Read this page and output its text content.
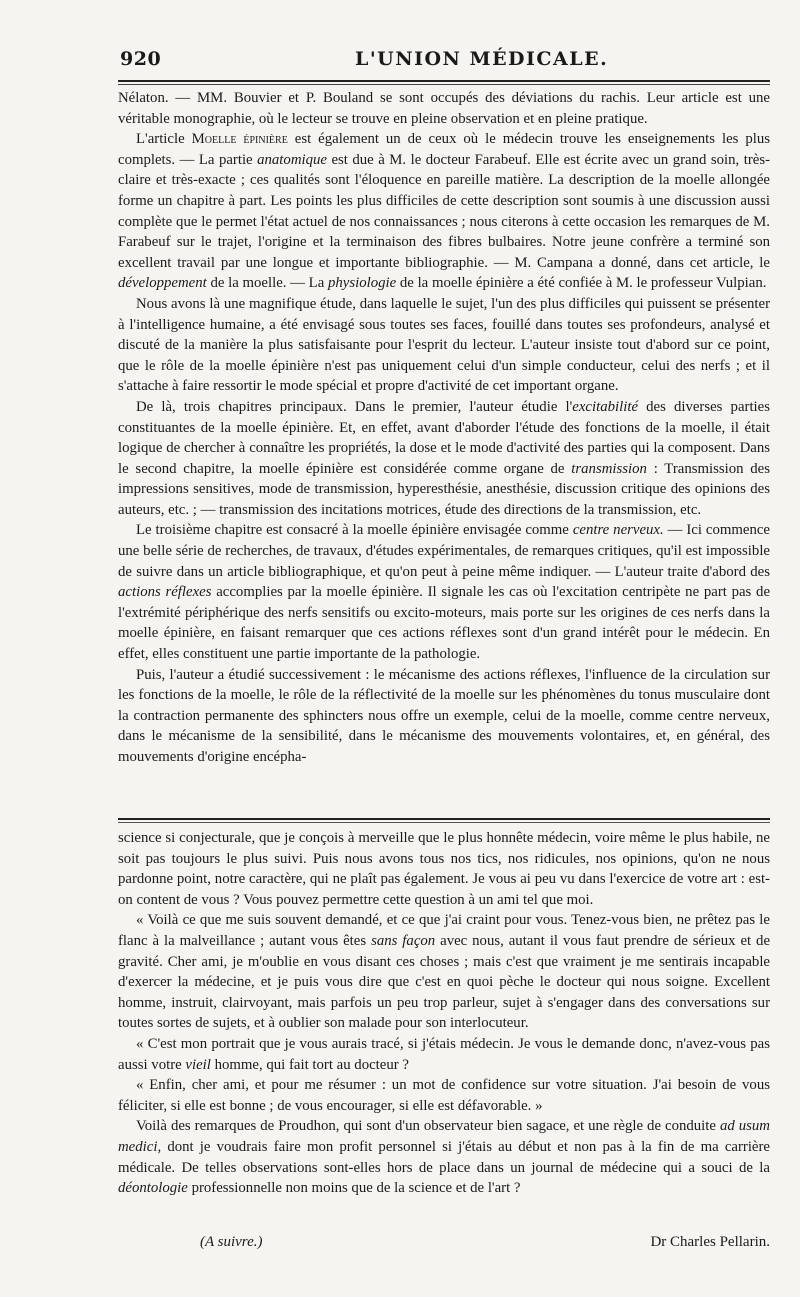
920	L'UNION MÉDICALE.

Nélaton. — MM. Bouvier et P. Bouland se sont occupés des déviations du rachis. Leur article est une véritable monographie, où le lecteur se trouve en pleine observation et en pleine pratique.

L'article Moelle épinière est également un de ceux où le médecin trouve les enseignements les plus complets. — La partie anatomique est due à M. le docteur Farabeuf. Elle est écrite avec un grand soin, très-claire et très-exacte ; ces qualités sont l'éloquence en pareille matière. La description de la moelle allongée forme un chapitre à part. Les points les plus difficiles de cette description sont soumis à une discussion aussi complète que le permet l'état actuel de nos connaissances ; nous citerons à cette occasion les remarques de M. Farabeuf sur le trajet, l'origine et la terminaison des fibres bulbaires. Notre jeune confrère a terminé son excellent travail par une longue et importante bibliographie. — M. Campana a donné, dans cet article, le développement de la moelle. — La physiologie de la moelle épinière a été confiée à M. le professeur Vulpian.

Nous avons là une magnifique étude, dans laquelle le sujet, l'un des plus difficiles qui puissent se présenter à l'intelligence humaine, a été envisagé sous toutes ses faces, fouillé dans toutes ses profondeurs, analysé et discuté de la manière la plus satisfaisante pour l'esprit du lecteur. L'auteur insiste tout d'abord sur ce point, que le rôle de la moelle épinière n'est pas uniquement celui d'un simple conducteur, celui des nerfs ; et il s'attache à faire ressortir le mode spécial et propre d'activité de cet important organe.

De là, trois chapitres principaux. Dans le premier, l'auteur étudie l'excitabilité des diverses parties constituantes de la moelle épinière. Et, en effet, avant d'aborder l'étude des fonctions de la moelle, il était logique de chercher à connaître les propriétés, la dose et le mode d'activité des parties qui la composent. Dans le second chapitre, la moelle épinière est considérée comme organe de transmission : Transmission des impressions sensitives, mode de transmission, hyperesthésie, anesthésie, discussion critique des opinions des auteurs, etc. ; — transmission des incitations motrices, étude des directions de la transmission, etc.

Le troisième chapitre est consacré à la moelle épinière envisagée comme centre nerveux. — Ici commence une belle série de recherches, de travaux, d'études expérimentales, de remarques critiques, qu'il est impossible de suivre dans un article bibliographique, et qu'on peut à peine même indiquer. — L'auteur traite d'abord des actions réflexes accomplies par la moelle épinière. Il signale les cas où l'excitation centripète ne part pas de l'extrémité périphérique des nerfs sensitifs ou excito-moteurs, mais porte sur les origines de ces nerfs dans la moelle épinière, en faisant remarquer que ces actions réflexes sont d'un grand intérêt pour le médecin. En effet, elles constituent une partie importante de la pathologie.

Puis, l'auteur a étudié successivement : le mécanisme des actions réflexes, l'influence de la circulation sur les fonctions de la moelle, le rôle de la réflectivité de la moelle sur les phénomènes du tonus musculaire dont la contraction permanente des sphincters nous offre un exemple, celui de la moelle, comme centre nerveux, dans le mécanisme de la sensibilité, dans le mécanisme des mouvements volontaires, et, en général, des mouvements d'origine encépha-

science si conjecturale, que je conçois à merveille que le plus honnête médecin, voire même le plus habile, ne soit pas toujours le plus suivi. Puis nous avons tous nos tics, nos ridicules, nos opinions, qu'on ne nous pardonne point, notre caractère, qui ne plaît pas également. Je vous ai peu vu dans l'exercice de votre art : est-on content de vous ? Vous pouvez permettre cette question à un ami tel que moi.

« Voilà ce que me suis souvent demandé, et ce que j'ai craint pour vous. Tenez-vous bien, ne prêtez pas le flanc à la malveillance ; autant vous êtes sans façon avec nous, autant il vous faut prendre de sérieux et de gravité. Cher ami, je m'oublie en vous disant ces choses ; mais c'est que vraiment je me sentirais incapable d'exercer la médecine, et je puis vous dire que c'est en quoi pèche le docteur qui nous soigne. Excellent homme, instruit, clairvoyant, mais parfois un peu trop parleur, sujet à s'engager dans des conversations sur toutes sortes de sujets, et à oublier son malade pour son interlocuteur.

« C'est mon portrait que je vous aurais tracé, si j'étais médecin. Je vous le demande donc, n'avez-vous pas aussi votre vieil homme, qui fait tort au docteur ?

« Enfin, cher ami, et pour me résumer : un mot de confidence sur votre situation. J'ai besoin de vous féliciter, si elle est bonne ; de vous encourager, si elle est défavorable. »

Voilà des remarques de Proudhon, qui sont d'un observateur bien sagace, et une règle de conduite ad usum medici, dont je voudrais faire mon profit personnel si j'étais au début et non pas à la fin de ma carrière médicale. De telles observations sont-elles hors de place dans un journal de médecine qui a souci de la déontologie professionnelle non moins que de la science et de l'art ?

(A suivre.)	Dr Charles Pellarin.
